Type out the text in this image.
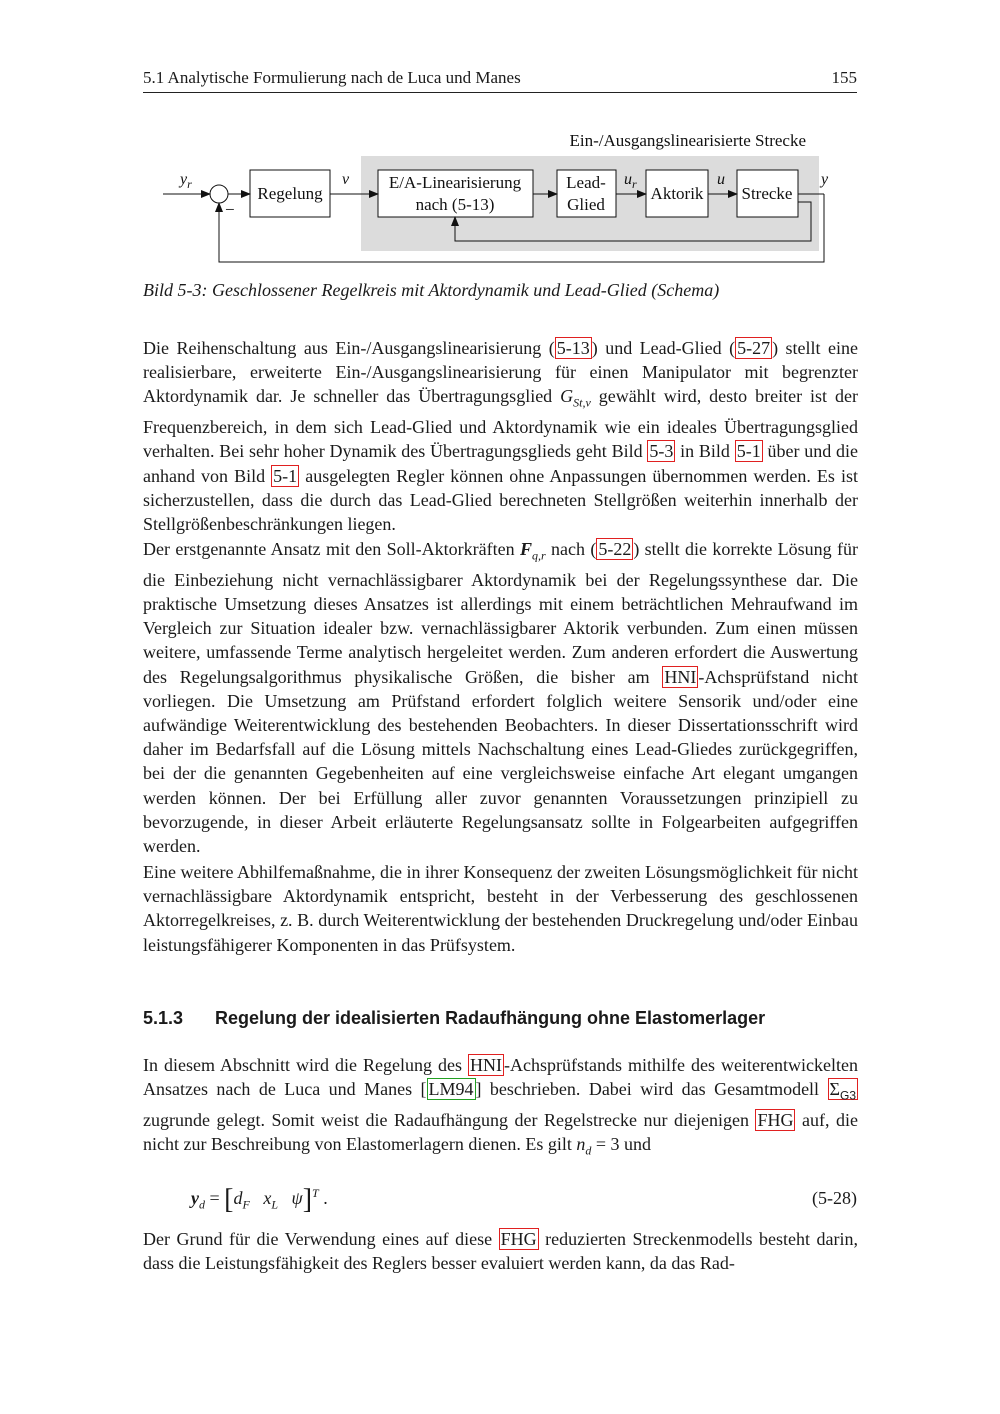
5.1 Analytische Formulierung nach de Luca und Manes	155
Ein-/Ausgangslinearisierte Strecke
Regelung
E/A-Linearisierung
nach (5-13)
Lead-
Glied
Aktorik Strecke
−
$y_r$	v	$u_r$	u	y
Bild 5-3: Geschlossener Regelkreis mit Aktordynamik und Lead-Glied (Schema)
Die Reihenschaltung aus Ein-/Ausgangslinearisierung ( 5-13 ) und Lead-Glied ( 5-27 ) stellt eine realisierbare, erweiterte Ein-/Ausgangslinearisierung für einen Manipulator mit begrenzter Aktordynamik dar. Je schneller das Übertragungsglied $G_{St,v}$ gewählt wird, desto breiter ist der Frequenzbereich, in dem sich Lead-Glied und Aktordynamik wie ein ideales Übertragungsglied verhalten. Bei sehr hoher Dynamik des Übertragungsglieds geht Bild 5-3 in Bild 5-1 über und die anhand von Bild 5-1 ausgelegten Regler können ohne Anpassungen übernommen werden. Es ist sicherzustellen, dass die durch das Lead-Glied berechneten Stellgrößen weiterhin innerhalb der Stellgrößenbeschränkungen liegen.
Der erstgenannte Ansatz mit den Soll-Aktorkräften $F_{q,r}$ nach ( 5-22 ) stellt die korrekte Lösung für die Einbeziehung nicht vernachlässigbarer Aktordynamik bei der Regelungssynthese dar. Die praktische Umsetzung dieses Ansatzes ist allerdings mit einem beträchtlichen Mehraufwand im Vergleich zur Situation idealer bzw. vernachlässigbarer Aktorik verbunden. Zum einen müssen weitere, umfassende Terme analytisch hergeleitet werden. Zum anderen erfordert die Auswertung des Regelungsalgorithmus physikalische Größen, die bisher am HNI -Achsprüfstand nicht vorliegen. Die Umsetzung am Prüfstand erfordert folglich weitere Sensorik und/oder eine aufwändige Weiterentwicklung des bestehenden Beobachters. In dieser Dissertationsschrift wird daher im Bedarfsfall auf die Lösung mittels Nachschaltung eines Lead-Gliedes zurückgegriffen, bei der die genannten Gegebenheiten auf eine vergleichsweise einfache Art elegant umgangen werden können. Der bei Erfüllung aller zuvor genannten Voraussetzungen prinzipiell zu bevorzugende, in dieser Arbeit erläuterte Regelungsansatz sollte in Folgearbeiten aufgegriffen werden.
Eine weitere Abhilfemaßnahme, die in ihrer Konsequenz der zweiten Lösungsmöglichkeit für nicht vernachlässigbare Aktordynamik entspricht, besteht in der Verbesserung des geschlossenen Aktorregelkreises, z. B. durch Weiterentwicklung der bestehenden Druckregelung und/oder Einbau leistungsfähigerer Komponenten in das Prüfsystem.
5.1.3 Regelung der idealisierten Radaufhängung ohne Elastomerlager
In diesem Abschnitt wird die Regelung des HNI -Achsprüfstands mithilfe des weiterentwickelten Ansatzes nach de Luca und Manes [ LM94 ] beschrieben. Dabei wird das Gesamtmodell $\Sigma_{G3}$ zugrunde gelegt. Somit weist die Radaufhängung der Regelstrecke nur diejenigen FHG auf, die nicht zur Beschreibung von Elastomerlagern dienen. Es gilt $n_d = 3$ und
$y_d = [d_F$ $x_L$ ψ]$^T$ .	(5-28)
Der Grund für die Verwendung eines auf diese FHG reduzierten Streckenmodells besteht darin, dass die Leistungsfähigkeit des Reglers besser evaluiert werden kann, da das Rad-
